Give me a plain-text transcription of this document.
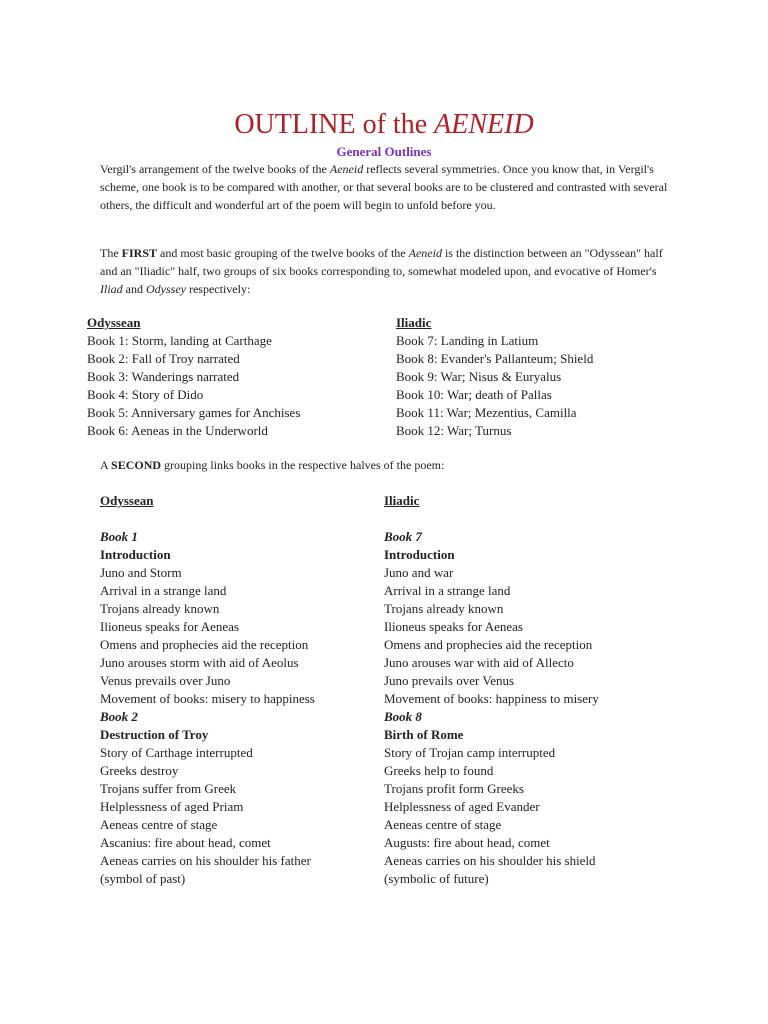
OUTLINE of the AENEID
General Outlines
Vergil's arrangement of the twelve books of the Aeneid reflects several symmetries. Once you know that, in Vergil's scheme, one book is to be compared with another, or that several books are to be clustered and contrasted with several others, the difficult and wonderful art of the poem will begin to unfold before you.
The FIRST and most basic grouping of the twelve books of the Aeneid is the distinction between an "Odyssean" half and an "Iliadic" half, two groups of six books corresponding to, somewhat modeled upon, and evocative of Homer's Iliad and Odyssey respectively:
Odyssean
Book 1: Storm, landing at Carthage
Book 2: Fall of Troy narrated
Book 3: Wanderings narrated
Book 4: Story of Dido
Book 5: Anniversary games for Anchises
Book 6: Aeneas in the Underworld
Iliadic
Book 7: Landing in Latium
Book 8: Evander's Pallanteum; Shield
Book 9: War; Nisus & Euryalus
Book 10: War; death of Pallas
Book 11: War; Mezentius, Camilla
Book 12: War; Turnus
A SECOND grouping links books in the respective halves of the poem:
Odyssean
Book 1
Introduction
Juno and Storm
Arrival in a strange land
Trojans already known
Ilioneus speaks for Aeneas
Omens and prophecies aid the reception
Juno arouses storm with aid of Aeolus
Venus prevails over Juno
Movement of books: misery to happiness
Book 2
Destruction of Troy
Story of Carthage interrupted
Greeks destroy
Trojans suffer from Greek
Helplessness of aged Priam
Aeneas centre of stage
Ascanius: fire about head, comet
Aeneas carries on his shoulder his father
(symbol of past)
Iliadic
Book 7
Introduction
Juno and war
Arrival in a strange land
Trojans already known
Ilioneus speaks for Aeneas
Omens and prophecies aid the reception
Juno arouses war with aid of Allecto
Juno prevails over Venus
Movement of books: happiness to misery
Book 8
Birth of Rome
Story of Trojan camp interrupted
Greeks help to found
Trojans profit form Greeks
Helplessness of aged Evander
Aeneas centre of stage
Augusts: fire about head, comet
Aeneas carries on his shoulder his shield
(symbolic of future)
